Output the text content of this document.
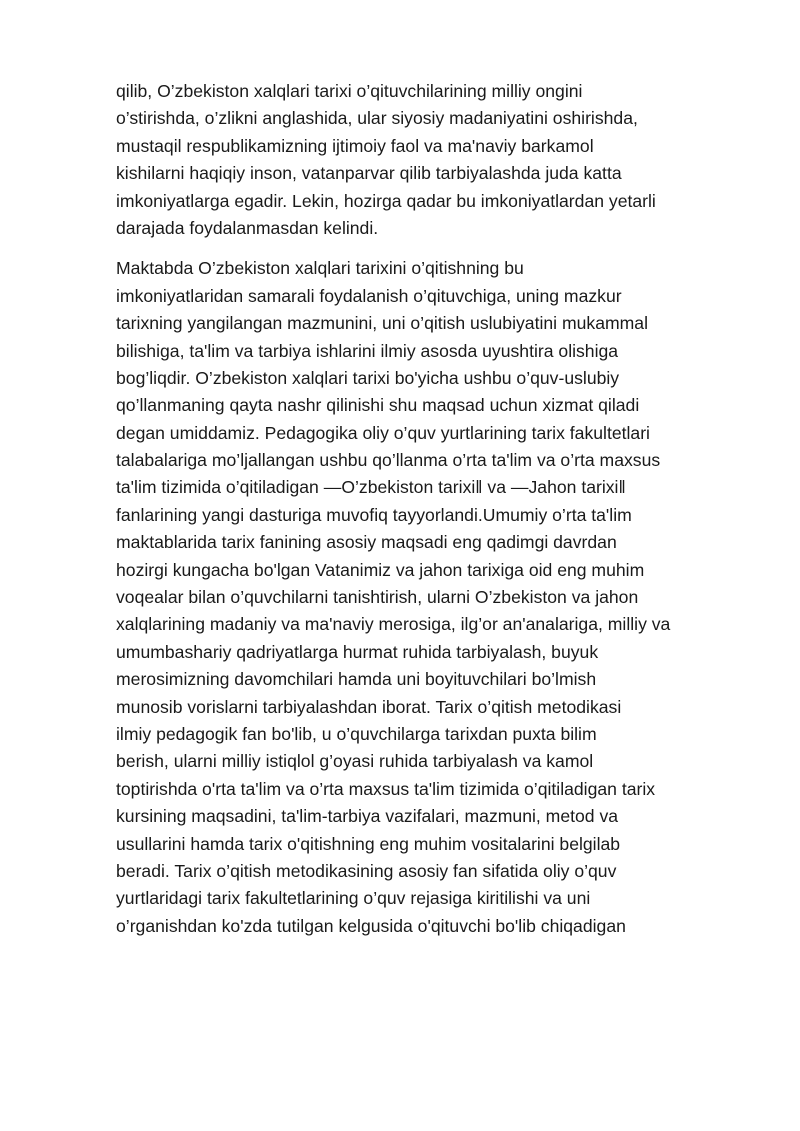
qilib, O’zbekiston xalqlari tarixi o’qituvchilarining milliy ongini
o’stirishda, o’zlikni anglashida, ular siyosiy madaniyatini oshirishda,
mustaqil respublikamizning ijtimoiy faol va ma'naviy barkamol
kishilarni haqiqiy inson, vatanparvar qilib tarbiyalashda juda katta
imkoniyatlarga egadir. Lekin, hozirga qadar bu imkoniyatlardan yetarli
darajada foydalanmasdan kelindi.
Maktabda O’zbekiston xalqlari tarixini o’qitishning bu
imkoniyatlaridan samarali foydalanish o’qituvchiga, uning mazkur
tarixning yangilangan mazmunini, uni o’qitish uslubiyatini mukammal
bilishiga, ta'lim va tarbiya ishlarini ilmiy asosda uyushtira olishiga
bog’liqdir. O’zbekiston xalqlari tarixi bo'yicha ushbu o’quv-uslubiy
qo’llanmaning qayta nashr qilinishi shu maqsad uchun xizmat qiladi
degan umiddamiz. Pedagogika oliy o’quv yurtlarining tarix fakultetlari
talabalariga mo’ljallangan ushbu qo’llanma o’rta ta'lim va o’rta maxsus
ta'lim tizimida o’qitiladigan ―O’zbekiston tarixi‖ va ―Jahon tarixi‖
fanlarining yangi dasturiga muvofiq tayyorlandi.Umumiy o’rta ta'lim
maktablarida tarix fanining asosiy maqsadi eng qadimgi davrdan
hozirgi kungacha bo'lgan Vatanimiz va jahon tarixiga oid eng muhim
voqealar bilan o’quvchilarni tanishtirish, ularni O’zbekiston va jahon
xalqlarining madaniy va ma'naviy merosiga, ilg’or an'analariga, milliy va
umumbashariy qadriyatlarga hurmat ruhida tarbiyalash, buyuk
merosimizning davomchilari hamda uni boyituvchilari bo’lmish
munosib vorislarni tarbiyalashdan iborat. Tarix o’qitish metodikasi
ilmiy pedagogik fan bo'lib, u o’quvchilarga tarixdan puxta bilim
berish, ularni milliy istiqlol g’oyasi ruhida tarbiyalash va kamol
toptirishda o'rta ta'lim va o’rta maxsus ta'lim tizimida o’qitiladigan tarix
kursining maqsadini, ta'lim-tarbiya vazifalari, mazmuni, metod va
usullarini hamda tarix o'qitishning eng muhim vositalarini belgilab
beradi. Tarix o’qitish metodikasining asosiy fan sifatida oliy o’quv
yurtlaridagi tarix fakultetlarining o’quv rejasiga kiritilishi va uni
o’rganishdan ko'zda tutilgan kelgusida o'qituvchi bo'lib chiqadigan
